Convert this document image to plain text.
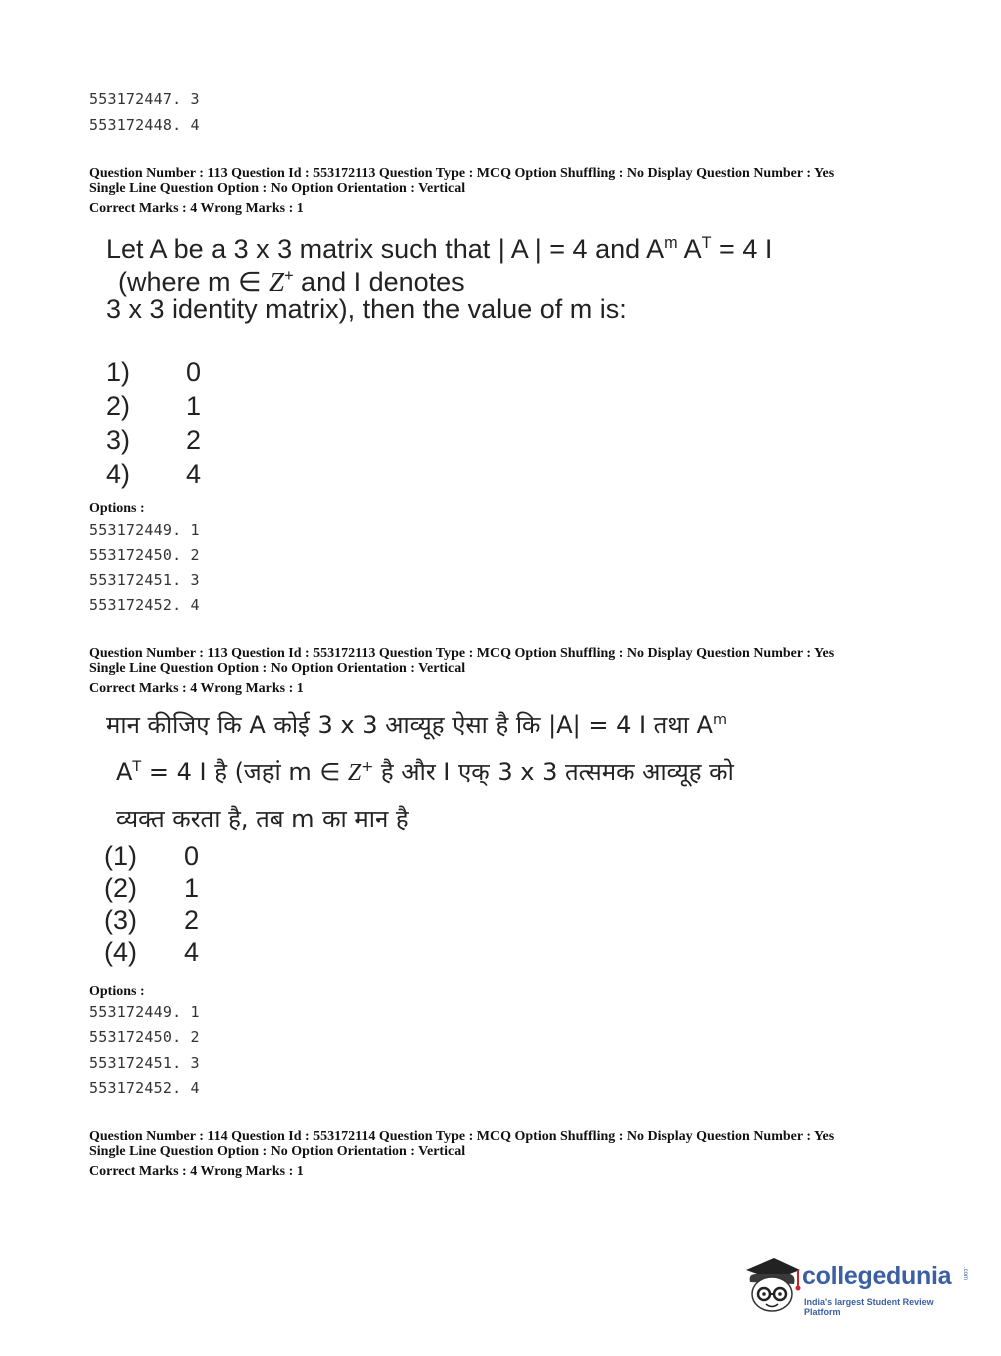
553172447. 3
553172448. 4
Question Number : 113 Question Id : 553172113 Question Type : MCQ Option Shuffling : No Display Question Number : Yes
Single Line Question Option : No Option Orientation : Vertical
Correct Marks : 4 Wrong Marks : 1
Let A be a 3 x 3 matrix such that | A | = 4 and $A^m$ $A^T = 4$ I
(where m ∈ Z+ and I denotes
3 x 3 identity matrix), then the value of m is:
1) 0
2) 1
3) 2
4) 4
Options :
553172449. 1
553172450. 2
553172451. 3
553172452. 4
Question Number : 113 Question Id : 553172113 Question Type : MCQ Option Shuffling : No Display Question Number : Yes
Single Line Question Option : No Option Orientation : Vertical
Correct Marks : 4 Wrong Marks : 1
मान कीजिए कि A कोई 3 x 3 आव्यूह ऐसा है कि |A| = 4 I तथा $A^m$
$A^T = 4$ I है (जहां m ∈ Z+ है और I एक् 3 x 3 तत्समक आव्यूह को
व्यक्त करता है, तब m का मान है
(1) 0
(2) 1
(3) 2
(4) 4
Options :
553172449. 1
553172450. 2
553172451. 3
553172452. 4
Question Number : 114 Question Id : 553172114 Question Type : MCQ Option Shuffling : No Display Question Number : Yes
Single Line Question Option : No Option Orientation : Vertical
Correct Marks : 4 Wrong Marks : 1
collegedunia .com
India's largest Student Review Platform
